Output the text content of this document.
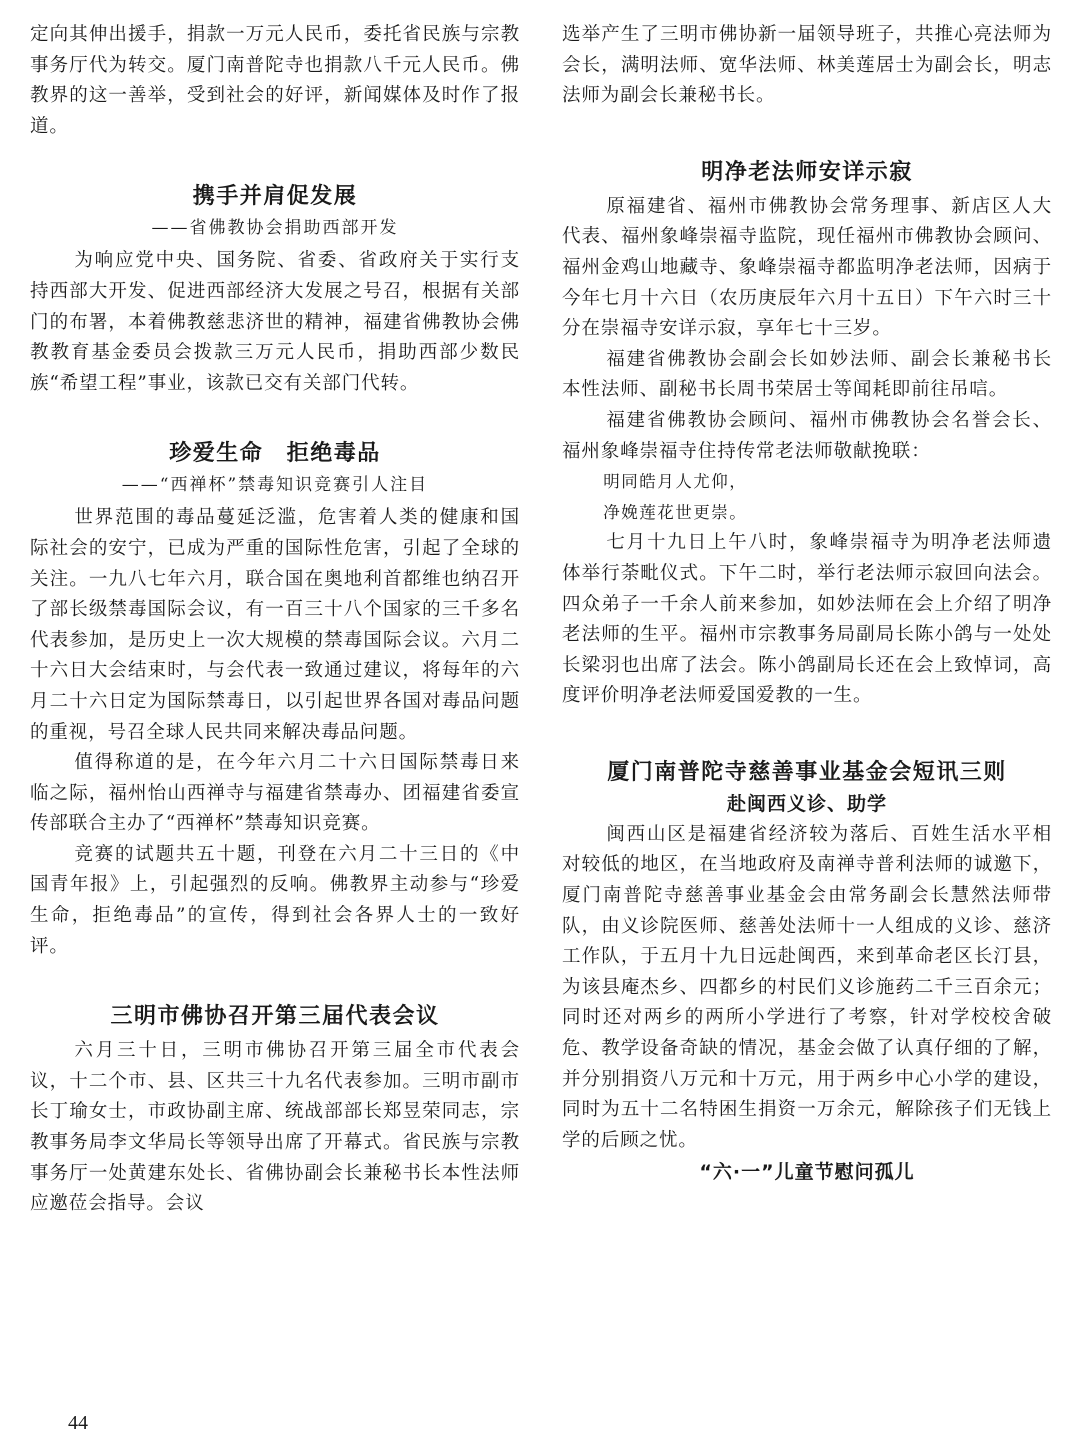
定向其伸出援手，捐款一万元人民币，委托省民族与宗教事务厅代为转交。厦门南普陀寺也捐款八千元人民币。佛教界的这一善举，受到社会的好评，新闻媒体及时作了报道。

携手并肩促发展
——省佛教协会捐助西部开发

为响应党中央、国务院、省委、省政府关于实行支持西部大开发、促进西部经济大发展之号召，根据有关部门的布署，本着佛教慈悲济世的精神，福建省佛教协会佛教教育基金委员会拨款三万元人民币，捐助西部少数民族“希望工程”事业，该款已交有关部门代转。

珍爱生命　拒绝毒品
——“西禅杯”禁毒知识竞赛引人注目

世界范围的毒品蔓延泛滥，危害着人类的健康和国际社会的安宁，已成为严重的国际性危害，引起了全球的关注。一九八七年六月，联合国在奥地利首都维也纳召开了部长级禁毒国际会议，有一百三十八个国家的三千多名代表参加，是历史上一次大规模的禁毒国际会议。六月二十六日大会结束时，与会代表一致通过建议，将每年的六月二十六日定为国际禁毒日，以引起世界各国对毒品问题的重视，号召全球人民共同来解决毒品问题。

值得称道的是，在今年六月二十六日国际禁毒日来临之际，福州怡山西禅寺与福建省禁毒办、团福建省委宣传部联合主办了“西禅杯”禁毒知识竞赛。

竞赛的试题共五十题，刊登在六月二十三日的《中国青年报》上，引起强烈的反响。佛教界主动参与“珍爱生命，拒绝毒品”的宣传，得到社会各界人士的一致好评。

三明市佛协召开第三届代表会议

六月三十日，三明市佛协召开第三届全市代表会议，十二个市、县、区共三十九名代表参加。三明市副市长丁瑜女士，市政协副主席、统战部部长郑昱荣同志，宗教事务局李文华局长等领导出席了开幕式。省民族与宗教事务厅一处黄建东处长、省佛协副会长兼秘书长本性法师应邀莅会指导。会议

选举产生了三明市佛协新一届领导班子，共推心亮法师为会长，满明法师、宽华法师、林美莲居士为副会长，明志法师为副会长兼秘书长。

明净老法师安详示寂

原福建省、福州市佛教协会常务理事、新店区人大代表、福州象峰崇福寺监院，现任福州市佛教协会顾问、福州金鸡山地藏寺、象峰崇福寺都监明净老法师，因病于今年七月十六日（农历庚辰年六月十五日）下午六时三十分在崇福寺安详示寂，享年七十三岁。

福建省佛教协会副会长如妙法师、副会长兼秘书长本性法师、副秘书长周书荣居士等闻耗即前往吊唁。

福建省佛教协会顾问、福州市佛教协会名誉会长、福州象峰崇福寺住持传常老法师敬献挽联：

明同皓月人尤仰，
净娩莲花世更崇。

七月十九日上午八时，象峰崇福寺为明净老法师遗体举行荼毗仪式。下午二时，举行老法师示寂回向法会。四众弟子一千余人前来参加，如妙法师在会上介绍了明净老法师的生平。福州市宗教事务局副局长陈小鸽与一处处长梁羽也出席了法会。陈小鸽副局长还在会上致悼词，高度评价明净老法师爱国爱教的一生。

厦门南普陀寺慈善事业基金会短讯三则
赴闽西义诊、助学

闽西山区是福建省经济较为落后、百姓生活水平相对较低的地区，在当地政府及南禅寺普利法师的诚邀下，厦门南普陀寺慈善事业基金会由常务副会长慧然法师带队，由义诊院医师、慈善处法师十一人组成的义诊、慈济工作队，于五月十九日远赴闽西，来到革命老区长汀县，为该县庵杰乡、四都乡的村民们义诊施药二千三百余元；同时还对两乡的两所小学进行了考察，针对学校校舍破危、教学设备奇缺的情况，基金会做了认真仔细的了解，并分别捐资八万元和十万元，用于两乡中心小学的建设，同时为五十二名特困生捐资一万余元，解除孩子们无钱上学的后顾之忧。

“六·一”儿童节慰问孤儿
44
